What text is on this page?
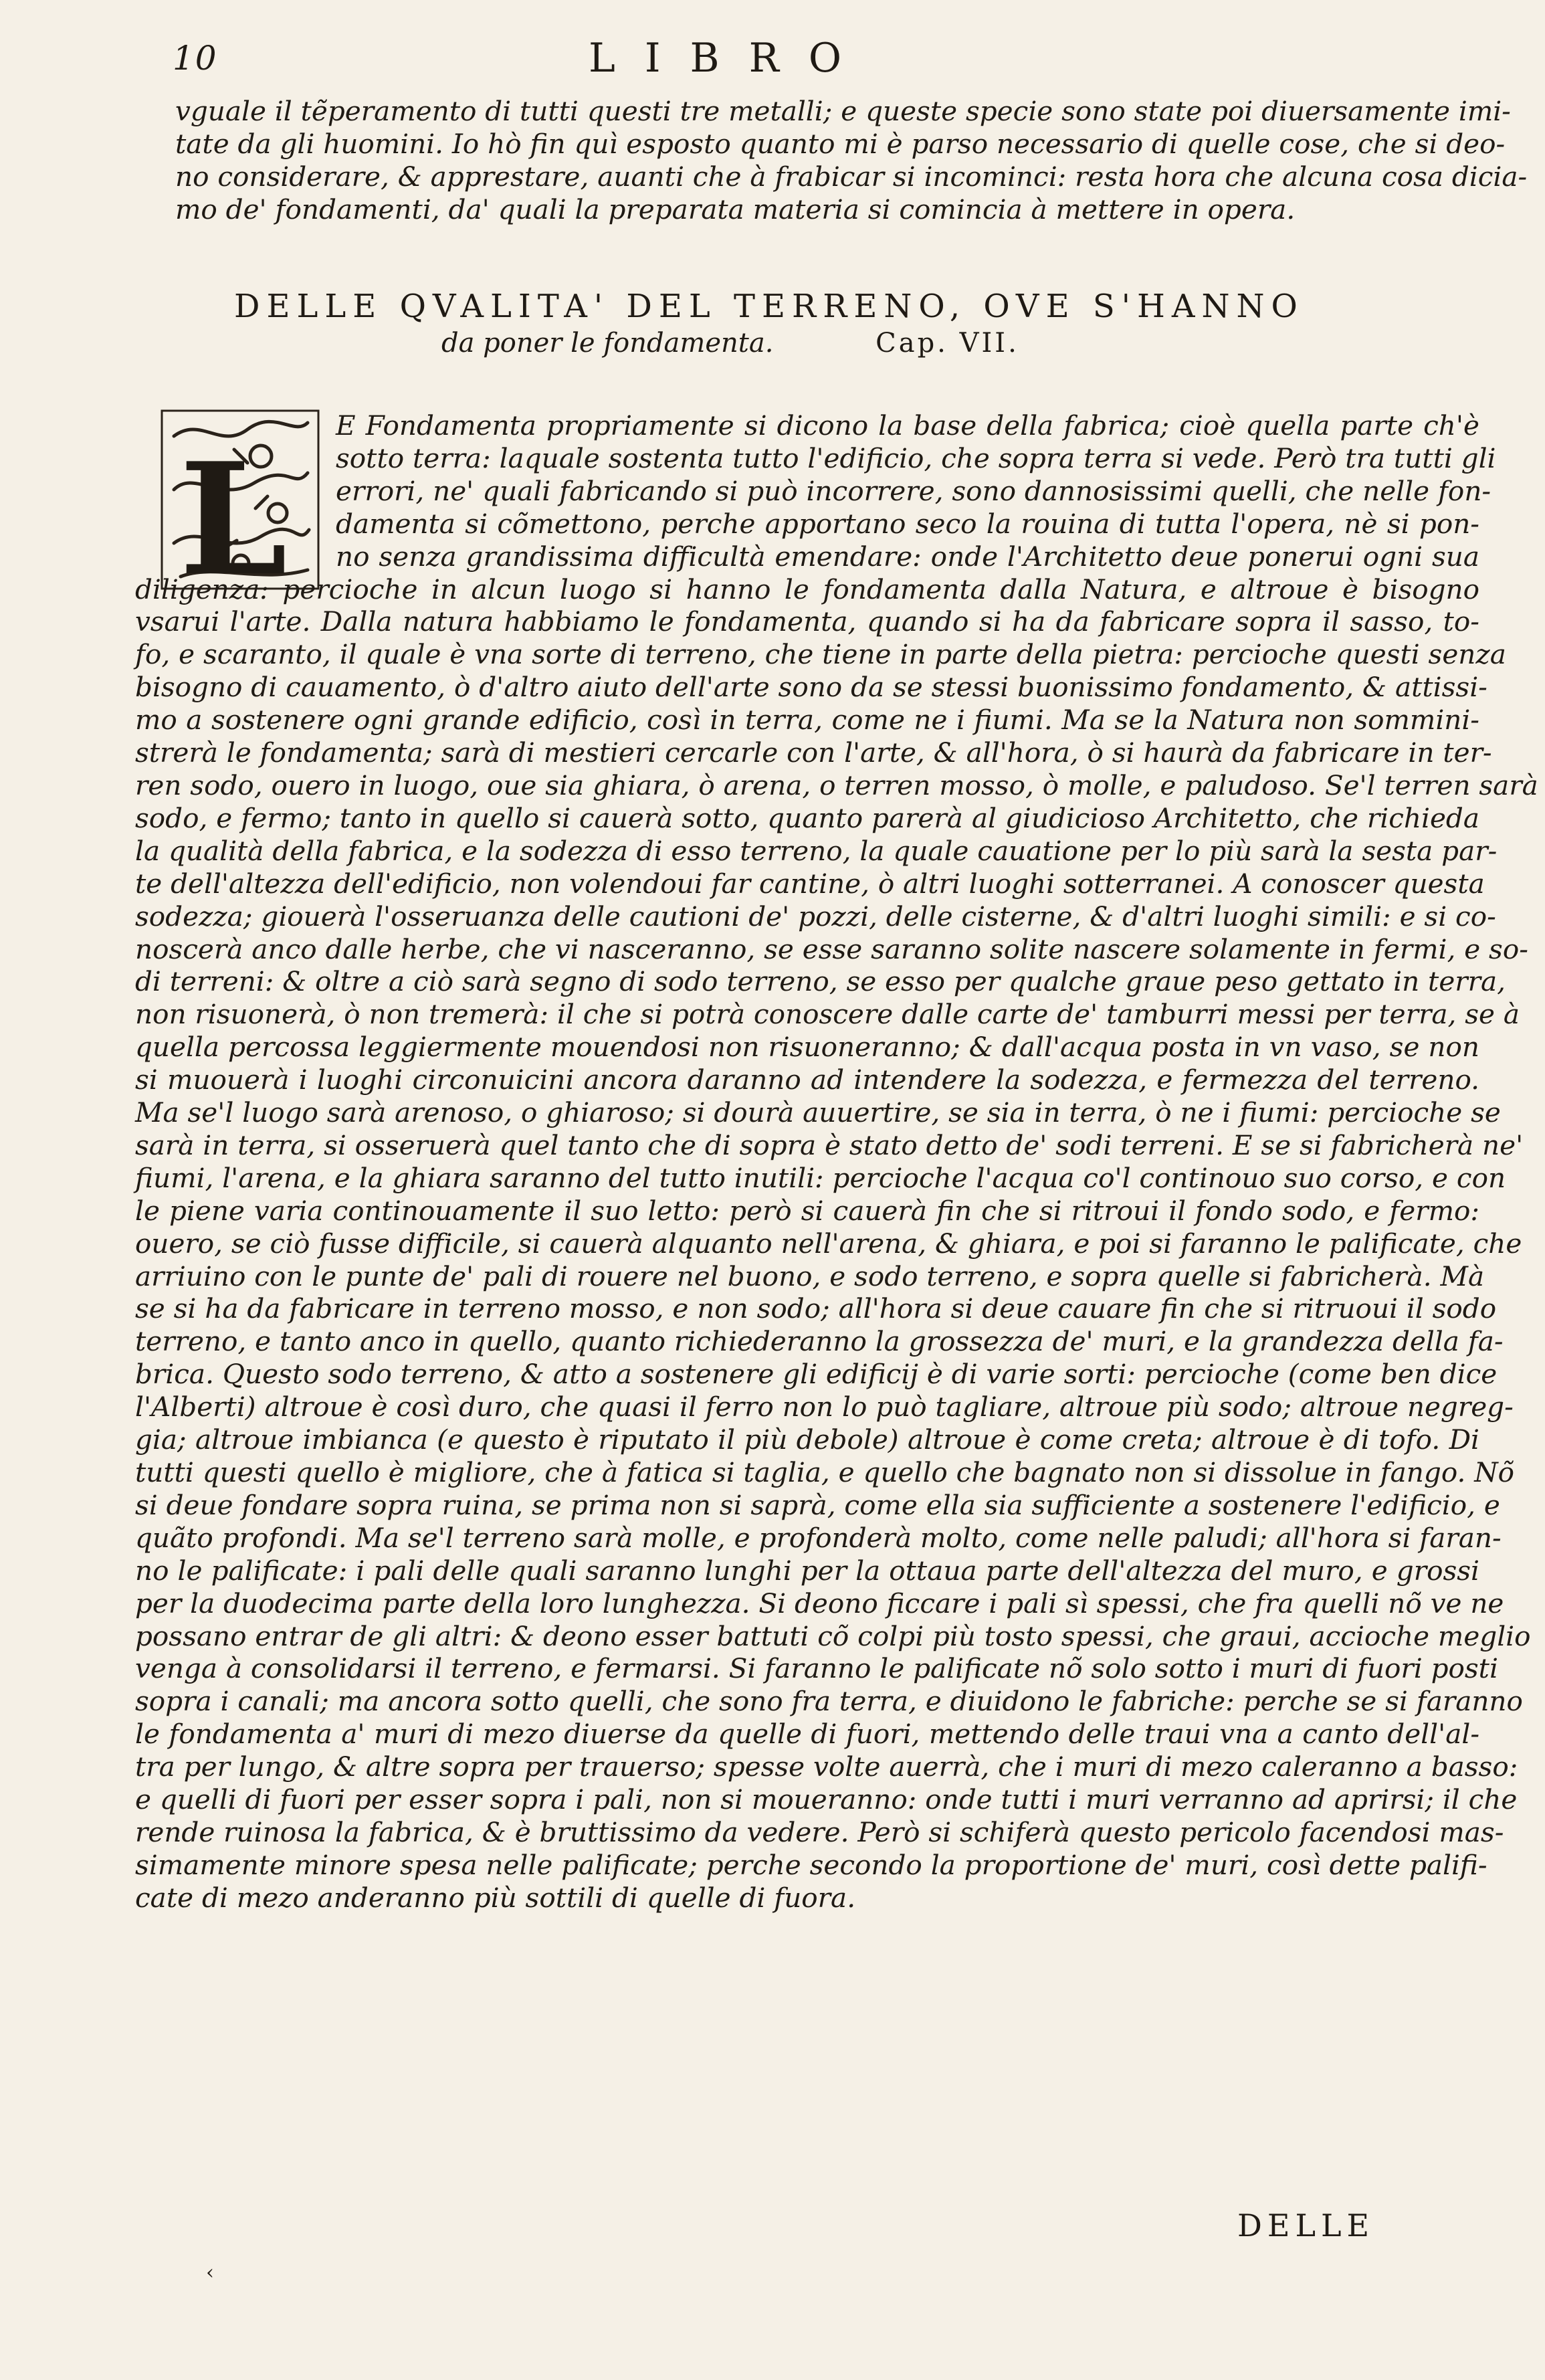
10	LIBRO
vguale il tẽperamento di tutti questi tre metalli; e queste specie sono state poi diuersamente imi-
tate da gli huomini. Io hò fin quì esposto quanto mi è parso necessario di quelle cose, che si deo-
no considerare, & apprestare, auanti che à frabicar si incominci: resta hora che alcuna cosa dicia-
mo de' fondamenti, da' quali la preparata materia si comincia à mettere in opera.
DELLE QVALITA' DEL TERRENO, OVE S'HANNO
da poner le fondamenta.	Cap. VII.
L
E Fondamenta propriamente si dicono la base della fabrica; cioè quella parte ch'è
sotto terra: laquale sostenta tutto l'edificio, che sopra terra si vede. Però tra tutti gli
errori, ne' quali fabricando si può incorrere, sono dannosissimi quelli, che nelle fon-
damenta si cõmettono, perche apportano seco la rouina di tutta l'opera, nè si pon-
no senza grandissima difficultà emendare: onde l'Architetto deue ponerui ogni sua
diligenza: percioche in alcun luogo si hanno le fondamenta dalla Natura, e altroue è bisogno
vsarui l'arte. Dalla natura habbiamo le fondamenta, quando si ha da fabricare sopra il sasso, to-
fo, e scaranto, il quale è vna sorte di terreno, che tiene in parte della pietra: percioche questi senza
bisogno di cauamento, ò d'altro aiuto dell'arte sono da se stessi buonissimo fondamento, & attissi-
mo a sostenere ogni grande edificio, così in terra, come ne i fiumi. Ma se la Natura non sommini-
strerà le fondamenta; sarà di mestieri cercarle con l'arte, & all'hora, ò si haurà da fabricare in ter-
ren sodo, ouero in luogo, oue sia ghiara, ò arena, o terren mosso, ò molle, e paludoso. Se'l terren sarà
sodo, e fermo; tanto in quello si cauerà sotto, quanto parerà al giudicioso Architetto, che richieda
la qualità della fabrica, e la sodezza di esso terreno, la quale cauatione per lo più sarà la sesta par-
te dell'altezza dell'edificio, non volendoui far cantine, ò altri luoghi sotterranei. A conoscer questa
sodezza; giouerà l'osseruanza delle cautioni de' pozzi, delle cisterne, & d'altri luoghi simili: e si co-
noscerà anco dalle herbe, che vi nasceranno, se esse saranno solite nascere solamente in fermi, e so-
di terreni: & oltre a ciò sarà segno di sodo terreno, se esso per qualche graue peso gettato in terra,
non risuonerà, ò non tremerà: il che si potrà conoscere dalle carte de' tamburri messi per terra, se à
quella percossa leggiermente mouendosi non risuoneranno; & dall'acqua posta in vn vaso, se non
si muouerà i luoghi circonuicini ancora daranno ad intendere la sodezza, e fermezza del terreno.
Ma se'l luogo sarà arenoso, o ghiaroso; si dourà auuertire, se sia in terra, ò ne i fiumi: percioche se
sarà in terra, si osseruerà quel tanto che di sopra è stato detto de' sodi terreni. E se si fabricherà ne'
fiumi, l'arena, e la ghiara saranno del tutto inutili: percioche l'acqua co'l continouo suo corso, e con
le piene varia continouamente il suo letto: però si cauerà fin che si ritroui il fondo sodo, e fermo:
ouero, se ciò fusse difficile, si cauerà alquanto nell'arena, & ghiara, e poi si faranno le palificate, che
arriuino con le punte de' pali di rouere nel buono, e sodo terreno, e sopra quelle si fabricherà. Mà
se si ha da fabricare in terreno mosso, e non sodo; all'hora si deue cauare fin che si ritruoui il sodo
terreno, e tanto anco in quello, quanto richiederanno la grossezza de' muri, e la grandezza della fa-
brica. Questo sodo terreno, & atto a sostenere gli edificij è di varie sorti: percioche (come ben dice
l'Alberti) altroue è così duro, che quasi il ferro non lo può tagliare, altroue più sodo; altroue negreg-
gia; altroue imbianca (e questo è riputato il più debole) altroue è come creta; altroue è di tofo. Di
tutti questi quello è migliore, che à fatica si taglia, e quello che bagnato non si dissolue in fango. Nõ
si deue fondare sopra ruina, se prima non si saprà, come ella sia sufficiente a sostenere l'edificio, e
quãto profondi. Ma se'l terreno sarà molle, e profonderà molto, come nelle paludi; all'hora si faran-
no le palificate: i pali delle quali saranno lunghi per la ottaua parte dell'altezza del muro, e grossi
per la duodecima parte della loro lunghezza. Si deono ficcare i pali sì spessi, che fra quelli nõ ve ne
possano entrar de gli altri: & deono esser battuti cõ colpi più tosto spessi, che graui, accioche meglio
venga à consolidarsi il terreno, e fermarsi. Si faranno le palificate nõ solo sotto i muri di fuori posti
sopra i canali; ma ancora sotto quelli, che sono fra terra, e diuidono le fabriche: perche se si faranno
le fondamenta a' muri di mezo diuerse da quelle di fuori, mettendo delle traui vna a canto dell'al-
tra per lungo, & altre sopra per trauerso; spesse volte auerrà, che i muri di mezo caleranno a basso:
e quelli di fuori per esser sopra i pali, non si moueranno: onde tutti i muri verranno ad aprirsi; il che
rende ruinosa la fabrica, & è bruttissimo da vedere. Però si schiferà questo pericolo facendosi mas-
simamente minore spesa nelle palificate; perche secondo la proportione de' muri, così dette palifi-
cate di mezo anderanno più sottili di quelle di fuora.
DELLE
‹
